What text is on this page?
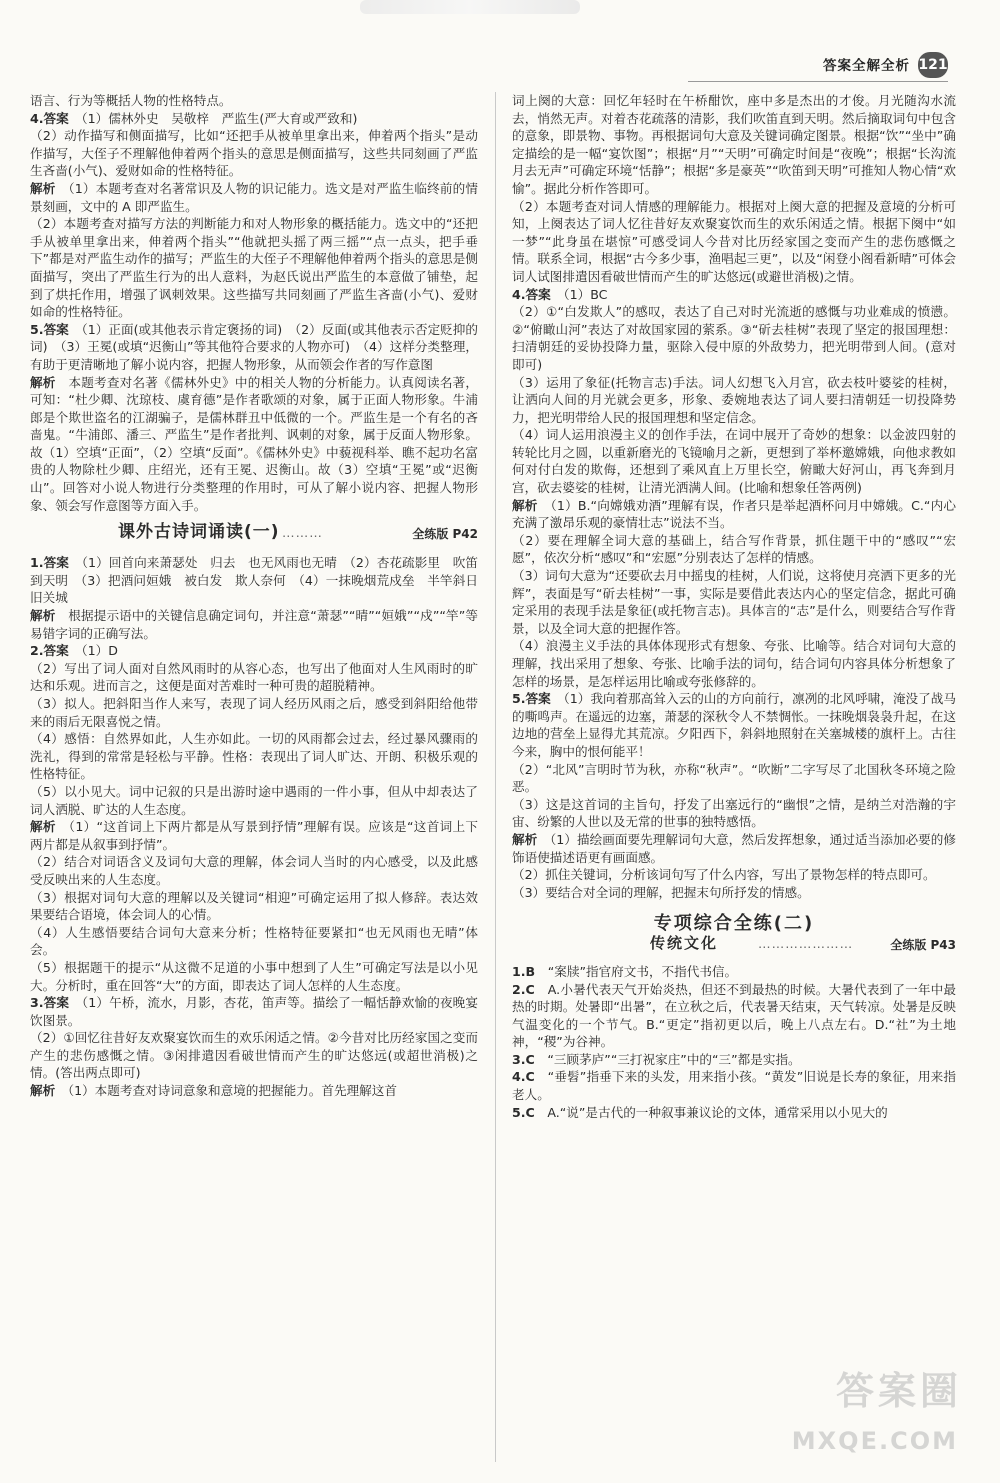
答案全解全析 121

语言、行为等概括人物的性格特点。

4.答案　 （1）儒林外史　吴敬梓　严监生(严大育或严致和)

（2）动作描写和侧面描写，比如“还把手从被单里拿出来，伸着两个指头”是动作描写，大侄子不理解他伸着两个指头的意思是侧面描写，这些共同刻画了严监生吝啬(小气)、爱财如命的性格特征。

解析　 （1）本题考查对名著常识及人物的识记能力。选文是对严监生临终前的情景刻画，文中的 A 即严监生。

（2）本题考查对描写方法的判断能力和对人物形象的概括能力。选文中的“还把手从被单里拿出来，伸着两个指头”“他就把头摇了两三摇”“点一点头，把手垂下”都是对严监生动作的描写；严监生的大侄子不理解他伸着两个指头的意思是侧面描写，突出了严监生行为的出人意料，为赵氏说出严监生的本意做了铺垫，起到了烘托作用，增强了讽刺效果。这些描写共同刻画了严监生吝啬(小气)、爱财如命的性格特征。

5.答案　 （1）正面(或其他表示肯定褒扬的词)　（2）反面(或其他表示否定贬抑的词)　（3）王冕(或填“迟衡山”等其他符合要求的人物亦可)　（4）这样分类整理，有助于更清晰地了解小说内容，把握人物形象，从而领会作者的写作意图

解析　 本题考查对名著《儒林外史》中的相关人物的分析能力。认真阅读名著，可知：“杜少卿、沈琼枝、虞育德”是作者歌颂的对象，属于正面人物形象。牛浦郎是个欺世盗名的江湖骗子，是儒林群丑中低微的一个。严监生是一个有名的吝啬鬼。“牛浦郎、潘三、严监生”是作者批判、讽刺的对象，属于反面人物形象。故（1）空填“正面”，（2）空填“反面”。《儒林外史》中藐视科举、瞧不起功名富贵的人物除杜少卿、庄绍光，还有王冕、迟衡山。故（3）空填“王冕”或“迟衡山”。回答对小说人物进行分类整理的作用时，可从了解小说内容、把握人物形象、领会写作意图等方面入手。

课外古诗词诵读(一) ………	全练版 P42

1.答案　 （1）回首向来萧瑟处　归去　也无风雨也无晴　（2）杏花疏影里　吹笛到天明　（3）把酒问姮娥　被白发　欺人奈何　（4）一抹晚烟荒戍垒　半竿斜日旧关城

解析　 根据提示语中的关键信息确定词句，并注意“萧瑟”“晴”“姮娥”“戍”“竿”等易错字词的正确写法。

2.答案　 （1）D

（2）写出了词人面对自然风雨时的从容心态，也写出了他面对人生风雨时的旷达和乐观。进而言之，这便是面对苦难时一种可贵的超脱精神。

（3）拟人。把斜阳当作人来写，表现了词人经历风雨之后，感受到斜阳给他带来的雨后无限喜悦之情。

（4）感悟：自然界如此，人生亦如此。一切的风雨都会过去，经过暴风骤雨的洗礼，得到的常常是轻松与平静。性格：表现出了词人旷达、开朗、积极乐观的性格特征。

（5）以小见大。词中记叙的只是出游时途中遇雨的一件小事，但从中却表达了词人洒脱、旷达的人生态度。

解析　 （1）“这首词上下两片都是从写景到抒情”理解有误。应该是“这首词上下两片都是从叙事到抒情”。

（2）结合对词语含义及词句大意的理解，体会词人当时的内心感受，以及此感受反映出来的人生态度。

（3）根据对词句大意的理解以及关键词“相迎”可确定运用了拟人修辞。表达效果要结合语境，体会词人的心情。

（4）人生感悟要结合词句大意来分析；性格特征要紧扣“也无风雨也无晴”体会。

（5）根据题干的提示“从这微不足道的小事中想到了人生”可确定写法是以小见大。分析时，重在回答“大”的方面，即表达了词人怎样的人生态度。

3.答案　 （1）午桥，流水，月影，杏花，笛声等。描绘了一幅恬静欢愉的夜晚宴饮图景。

（2）①回忆往昔好友欢聚宴饮而生的欢乐闲适之情。②今昔对比历经家国之变而产生的悲伤感慨之情。③闲排遣因看破世情而产生的旷达悠远(或超世消极)之情。(答出两点即可)

解析　 （1）本题考查对诗词意象和意境的把握能力。首先理解这首

词上阕的大意：回忆年轻时在午桥酣饮，座中多是杰出的才俊。月光随沟水流去，悄然无声。对着杏花疏落的清影，我们吹笛直到天明。然后摘取词句中包含的意象，即景物、事物。再根据词句大意及关键词确定图景。根据“饮”“坐中”确定描绘的是一幅“宴饮图”；根据“月”“天明”可确定时间是“夜晚”；根据“长沟流月去无声”可确定环境“恬静”；根据“多是豪英”“吹笛到天明”可推知人物心情“欢愉”。据此分析作答即可。

（2）本题考查对词人情感的理解能力。根据对上阕大意的把握及意境的分析可知，上阕表达了词人忆往昔好友欢聚宴饮而生的欢乐闲适之情。根据下阕中“如一梦”“此身虽在堪惊”可感受词人今昔对比历经家国之变而产生的悲伤感慨之情。联系全词，根据“古今多少事，渔唱起三更”，以及“闲登小阁看新晴”可体会词人试图排遣因看破世情而产生的旷达悠远(或避世消极)之情。

4.答案　 （1）BC

（2）①“白发欺人”的感叹，表达了自己对时光流逝的感慨与功业难成的愤懑。②“俯瞰山河”表达了对故国家园的萦系。③“斫去桂树”表现了坚定的报国理想：扫清朝廷的妥协投降力量，驱除入侵中原的外敌势力，把光明带到人间。(意对即可)

（3）运用了象征(托物言志)手法。词人幻想飞入月宫，砍去枝叶婆娑的桂树，让洒向人间的月光就会更多，形象、委婉地表达了词人要扫清朝廷一切投降势力，把光明带给人民的报国理想和坚定信念。

（4）词人运用浪漫主义的创作手法，在词中展开了奇妙的想象：以金波四射的转轮比月之圆，以重新磨光的飞镜喻月之新，更想到了举杯邀嫦娥，向他求教如何对付白发的欺侮，还想到了乘风直上万里长空，俯瞰大好河山，再飞奔到月宫，砍去婆娑的桂树，让清光洒满人间。(比喻和想象任答两例)

解析　 （1）B.“向嫦娥劝酒”理解有误，作者只是举起酒杯问月中嫦娥。C.“内心充满了激昂乐观的豪情壮志”说法不当。

（2）要在理解全词大意的基础上，结合写作背景，抓住题干中的“感叹”“宏愿”，依次分析“感叹”和“宏愿”分别表达了怎样的情感。

（3）词句大意为“还要砍去月中摇曳的桂树，人们说，这将使月亮洒下更多的光辉”，表面是写“斫去桂树”一事，实际是要借此表达内心的坚定信念，据此可确定采用的表现手法是象征(或托物言志)。具体言的“志”是什么，则要结合写作背景，以及全词大意的把握作答。

（4）浪漫主义手法的具体体现形式有想象、夸张、比喻等。结合对词句大意的理解，找出采用了想象、夸张、比喻手法的词句，结合词句内容具体分析想象了怎样的场景，是怎样运用比喻或夸张修辞的。

5.答案　 （1）我向着那高耸入云的山的方向前行，凛冽的北风呼啸，淹没了战马的嘶鸣声。在遥远的边塞，萧瑟的深秋令人不禁惆怅。一抹晚烟袅袅升起，在这边地的营垒上显得尤其荒凉。夕阳西下，斜斜地照射在关塞城楼的旗杆上。古往今来，胸中的恨何能平！

（2）“北风”言明时节为秋，亦称“秋声”。“吹断”二字写尽了北国秋冬环境之险恶。

（3）这是这首词的主旨句，抒发了出塞远行的“幽恨”之情，是纳兰对浩瀚的宇宙、纷繁的人世以及无常的世事的独特感悟。

解析　 （1）描绘画面要先理解词句大意，然后发挥想象，通过适当添加必要的修饰语使描述语更有画面感。

（2）抓住关键词，分析该词句写了什么内容，写出了景物怎样的特点即可。

（3）要结合对全词的理解，把握末句所抒发的情感。

专项综合全练(二)
传统文化	…………………	全练版 P43

1.B　 “案牍”指官府文书，不指代书信。

2.C　 A.小暑代表天气开始炎热，但还不到最热的时候。大暑代表到了一年中最热的时期。处暑即“出暑”，在立秋之后，代表暑天结束，天气转凉。处暑是反映气温变化的一个节气。B.“更定”指初更以后，晚上八点左右。D.“社”为土地神，“稷”为谷神。

3.C　 “三顾茅庐”“三打祝家庄”中的“三”都是实指。

4.C　 “垂髫”指垂下来的头发，用来指小孩。“黄发”旧说是长寿的象征，用来指老人。

5.C　 A.“说”是古代的一种叙事兼议论的文体，通常采用以小见大的

答案圈
MXQE.COM
